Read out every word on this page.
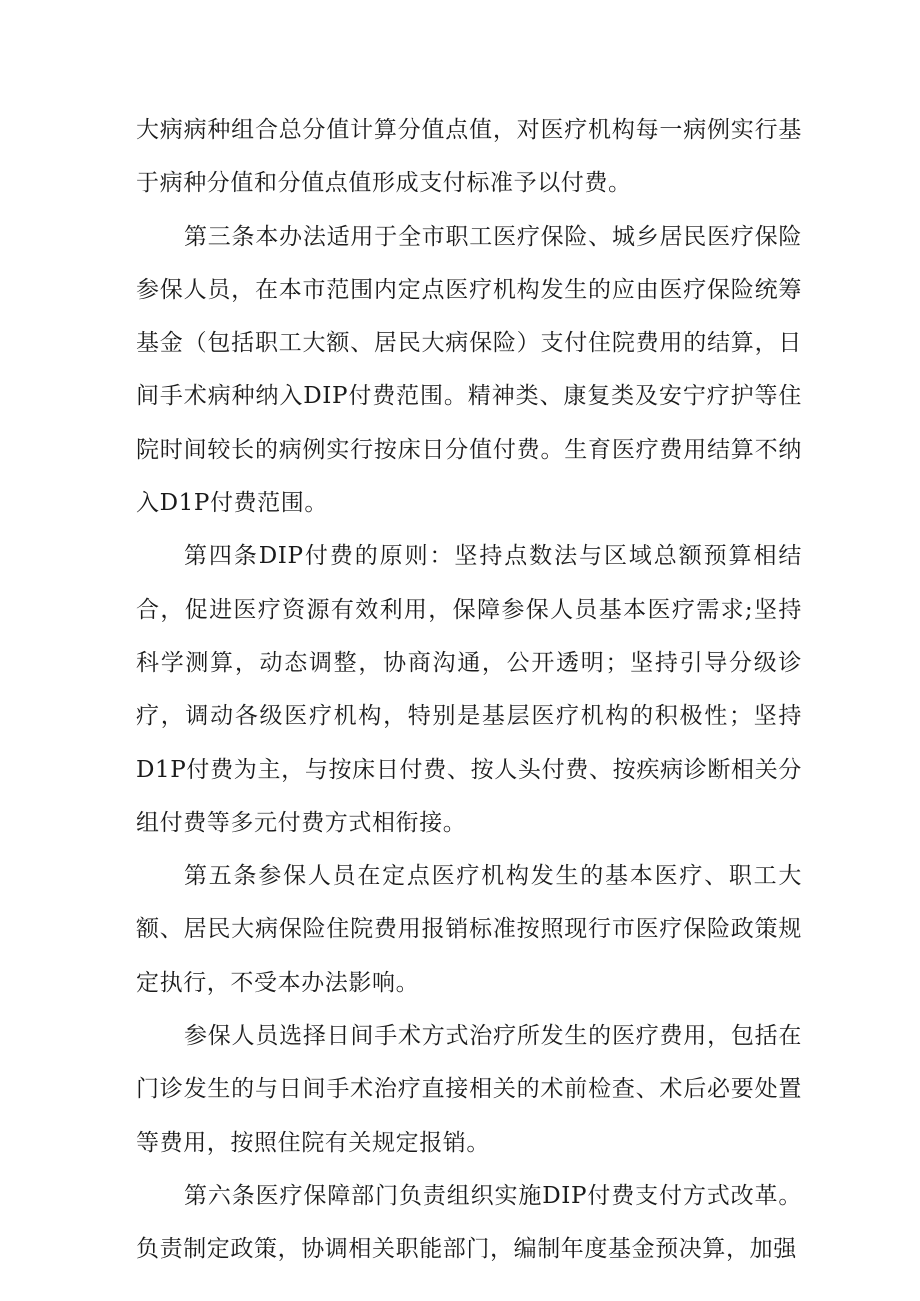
大病病种组合总分值计算分值点值，对医疗机构每一病例实行基于病种分值和分值点值形成支付标准予以付费。

第三条本办法适用于全市职工医疗保险、城乡居民医疗保险参保人员，在本市范围内定点医疗机构发生的应由医疗保险统筹基金（包括职工大额、居民大病保险）支付住院费用的结算，日间手术病种纳入DIP付费范围。精神类、康复类及安宁疗护等住院时间较长的病例实行按床日分值付费。生育医疗费用结算不纳入D1P付费范围。

第四条DIP付费的原则：坚持点数法与区域总额预算相结合，促进医疗资源有效利用，保障参保人员基本医疗需求;坚持科学测算，动态调整，协商沟通，公开透明；坚持引导分级诊疗，调动各级医疗机构，特别是基层医疗机构的积极性；坚持D1P付费为主，与按床日付费、按人头付费、按疾病诊断相关分组付费等多元付费方式相衔接。

第五条参保人员在定点医疗机构发生的基本医疗、职工大额、居民大病保险住院费用报销标准按照现行市医疗保险政策规定执行，不受本办法影响。

参保人员选择日间手术方式治疗所发生的医疗费用，包括在门诊发生的与日间手术治疗直接相关的术前检查、术后必要处置等费用，按照住院有关规定报销。

第六条医疗保障部门负责组织实施DIP付费支付方式改革。负责制定政策，协调相关职能部门，编制年度基金预决算，加强
